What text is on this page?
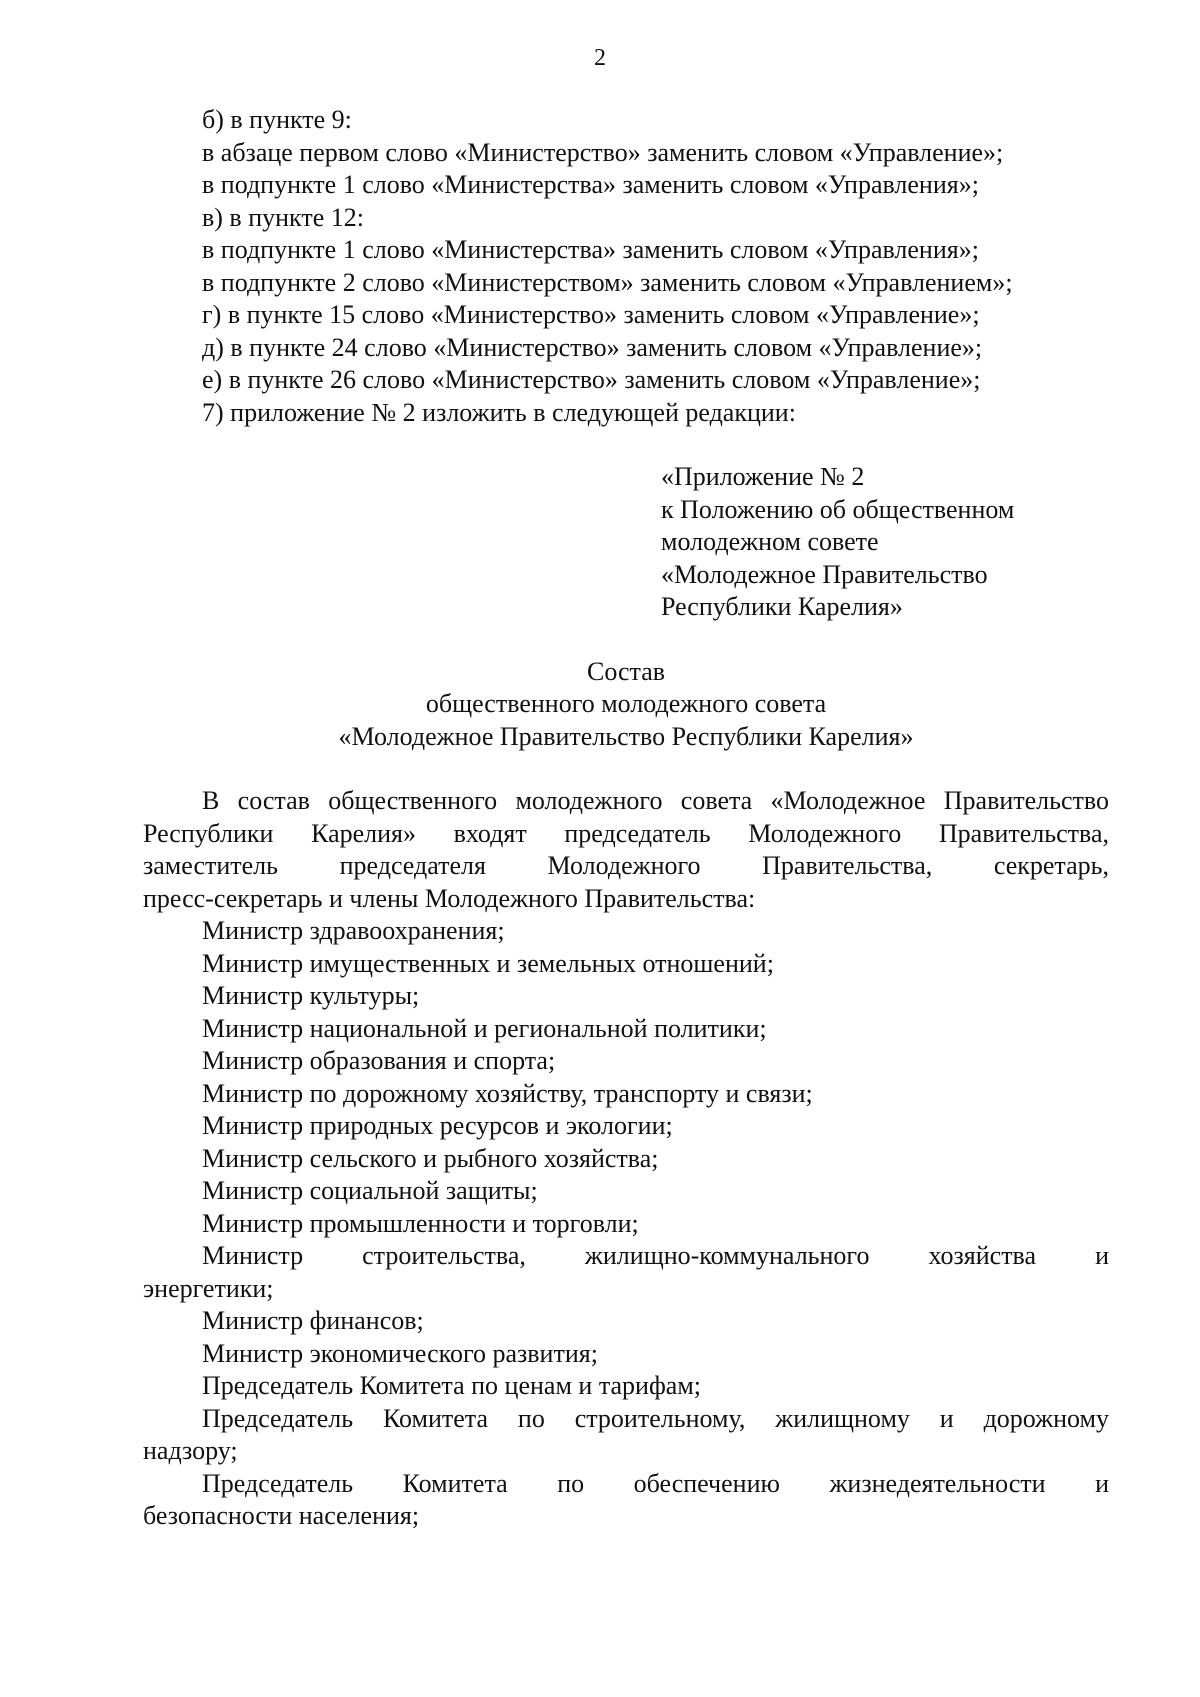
2
б) в пункте 9:
в абзаце первом слово «Министерство» заменить словом «Управление»;
в подпункте 1 слово «Министерства» заменить словом «Управления»;
в) в пункте 12:
в подпункте 1 слово «Министерства» заменить словом «Управления»;
в подпункте 2 слово «Министерством» заменить словом «Управлением»;
г) в пункте 15 слово «Министерство» заменить словом «Управление»;
д) в пункте 24 слово «Министерство» заменить словом «Управление»;
е) в пункте 26 слово «Министерство» заменить словом «Управление»;
7) приложение № 2 изложить в следующей редакции:
«Приложение № 2
к Положению об общественном
молодежном совете
«Молодежное Правительство
Республики Карелия»
Состав
общественного молодежного совета
«Молодежное Правительство Республики Карелия»
В состав общественного молодежного совета «Молодежное Правительство
Республики Карелия» входят председатель Молодежного Правительства,
заместитель председателя Молодежного Правительства, секретарь,
пресс-секретарь и члены Молодежного Правительства:
Министр здравоохранения;
Министр имущественных и земельных отношений;
Министр культуры;
Министр национальной и региональной политики;
Министр образования и спорта;
Министр по дорожному хозяйству, транспорту и связи;
Министр природных ресурсов и экологии;
Министр сельского и рыбного хозяйства;
Министр социальной защиты;
Министр промышленности и торговли;
Министр строительства, жилищно-коммунального хозяйства и
энергетики;
Министр финансов;
Министр экономического развития;
Председатель Комитета по ценам и тарифам;
Председатель Комитета по строительному, жилищному и дорожному
надзору;
Председатель Комитета по обеспечению жизнедеятельности и
безопасности населения;
